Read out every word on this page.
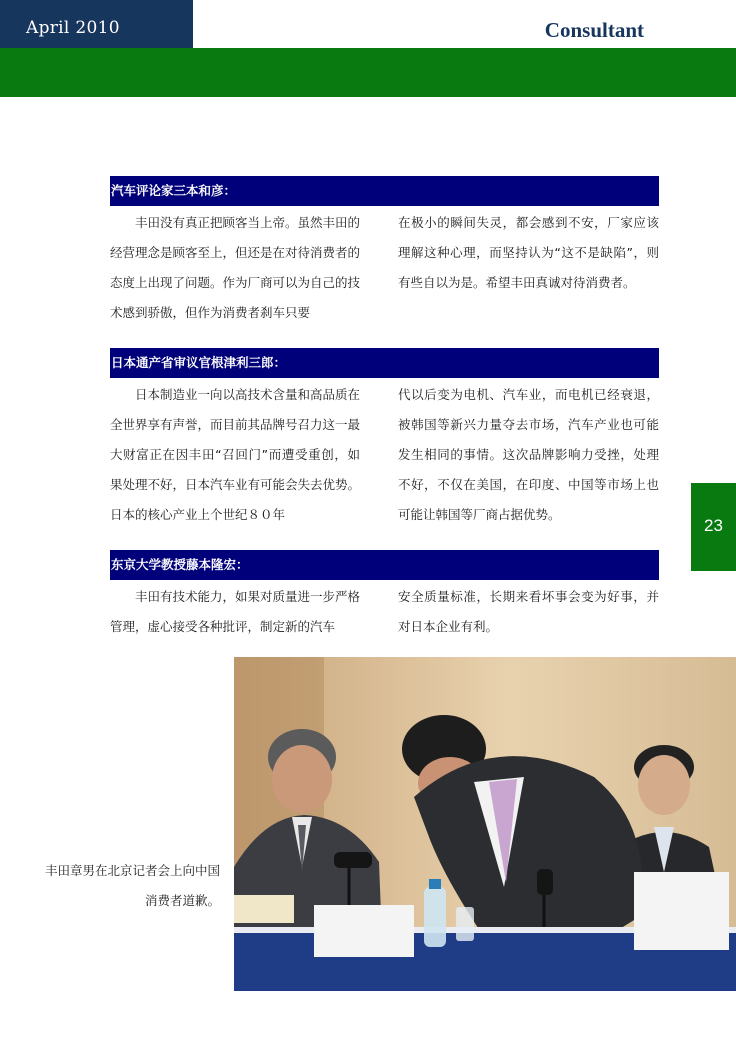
April 2010	Consultant
23
汽车评论家三本和彦：
　　丰田没有真正把顾客当上帝。虽然丰田的经营理念是顾客至上，但还是在对待消费者的态度上出现了问题。作为厂商可以为自己的技术感到骄傲，但作为消费者刹车只要
在极小的瞬间失灵，都会感到不安，厂家应该理解这种心理，而坚持认为“这不是缺陷”，则有些自以为是。希望丰田真诚对待消费者。
日本通产省审议官根津利三郎：
　　日本制造业一向以高技术含量和高品质在全世界享有声誉，而目前其品牌号召力这一最大财富正在因丰田“召回门”而遭受重创，如果处理不好，日本汽车业有可能会失去优势。日本的核心产业上个世纪８０年
代以后变为电机、汽车业，而电机已经衰退，被韩国等新兴力量夺去市场，汽车产业也可能发生相同的事情。这次品牌影响力受挫，处理不好，不仅在美国，在印度、中国等市场上也可能让韩国等厂商占据优势。
东京大学教授藤本隆宏：
　　丰田有技术能力，如果对质量进一步严格管理，虚心接受各种批评，制定新的汽车
安全质量标准，长期来看坏事会变为好事，并对日本企业有利。
丰田章男在北京记者会上向中国消费者道歉。
